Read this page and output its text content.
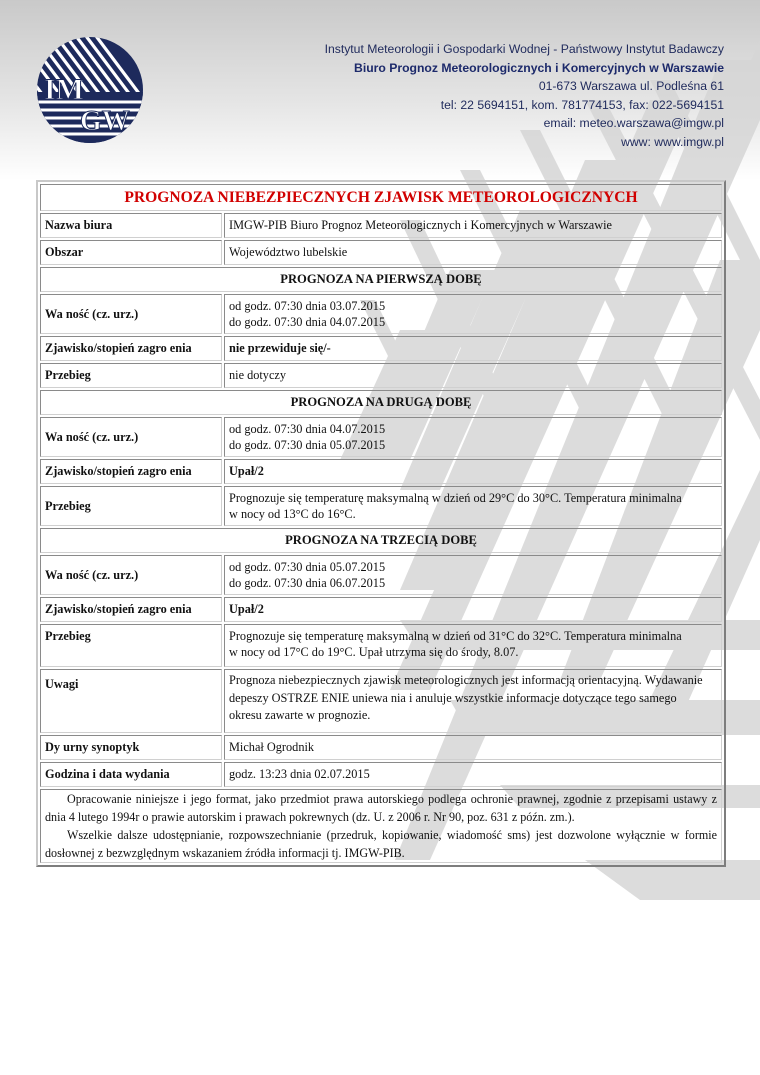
IM
GW
Instytut Meteorologii i Gospodarki Wodnej - Państwowy Instytut Badawczy
Biuro Prognoz Meteorologicznych i Komercyjnych w Warszawie
01-673 Warszawa ul. Podleśna 61
tel: 22 5694151, kom. 781774153, fax: 022-5694151
email: meteo.warszawa@imgw.pl
www: www.imgw.pl
PROGNOZA NIEBEZPIECZNYCH ZJAWISK METEOROLOGICZNYCH	
Nazwa biura	IMGW-PIB Biuro Prognoz Meteorologicznych i Komercyjnych w Warszawie
Obszar	Województwo lubelskie
PROGNOZA NA PIERWSZĄ DOBĘ	
Wa ność (cz. urz.)	od godz. 07:30 dnia 03.07.2015
do godz. 07:30 dnia 04.07.2015

Zjawisko/stopień zagro enia	nie przewiduje się/-
Przebieg	nie dotyczy
PROGNOZA NA DRUGĄ DOBĘ	
Wa ność (cz. urz.)	od godz. 07:30 dnia 04.07.2015
do godz. 07:30 dnia 05.07.2015

Zjawisko/stopień zagro enia	Upał/2
Przebieg	Prognozuje się temperaturę maksymalną w dzień od 29°C do 30°C. Temperatura minimalna
w nocy od 13°C do 16°C.

PROGNOZA NA TRZECIĄ DOBĘ	
Wa ność (cz. urz.)	od godz. 07:30 dnia 05.07.2015
do godz. 07:30 dnia 06.07.2015

Zjawisko/stopień zagro enia	Upał/2
Przebieg	Prognozuje się temperaturę maksymalną w dzień od 31°C do 32°C. Temperatura minimalna
w nocy od 17°C do 19°C. Upał utrzyma się do środy, 8.07.

Uwagi	Prognoza niebezpiecznych zjawisk meteorologicznych jest informacją orientacyjną. Wydawanie
depeszy OSTRZE ENIE uniewa nia i anuluje wszystkie informacje dotyczące tego samego
okresu zawarte w prognozie.

Dy urny synoptyk	Michał Ogrodnik
Godzina i data wydania	godz. 13:23 dnia 02.07.2015

Opracowanie niniejsze i jego format, jako przedmiot prawa autorskiego podlega ochronie prawnej, zgodnie z przepisami ustawy z dnia 4 lutego 1994r o prawie autorskim i prawach pokrewnych (dz. U. z 2006 r. Nr 90, poz. 631 z późn. zm.).

Wszelkie dalsze udostępnianie, rozpowszechnianie (przedruk, kopiowanie, wiadomość sms) jest dozwolone wyłącznie w formie dosłownej z bezwzględnym wskazaniem źródła informacji tj. IMGW-PIB.	
